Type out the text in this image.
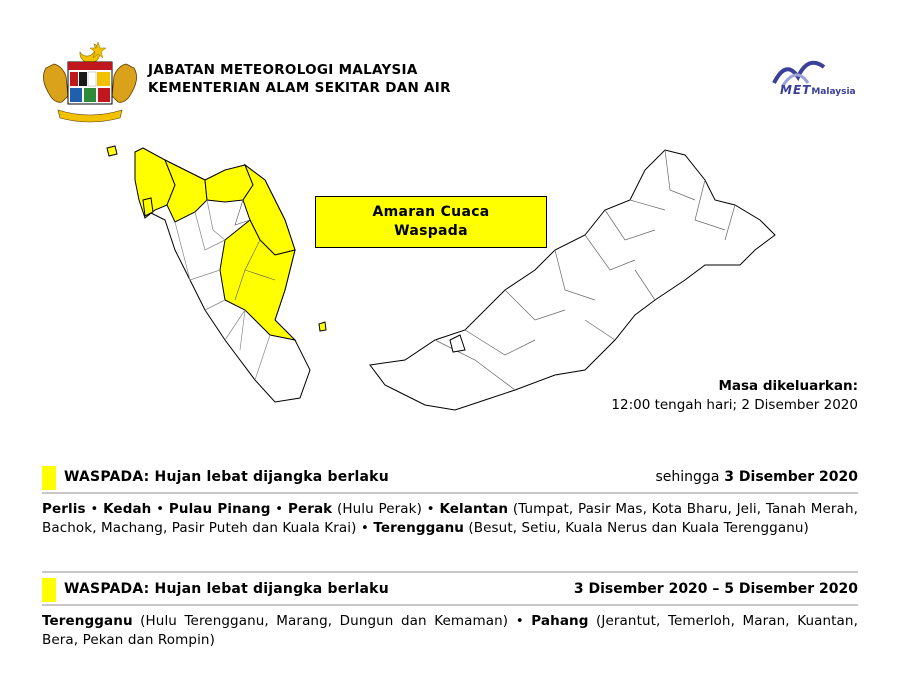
JABATAN METEOROLOGI MALAYSIA
KEMENTERIAN ALAM SEKITAR DAN AIR	METMalaysia
Amaran Cuaca
Waspada
Masa dikeluarkan:
12:00 tengah hari; 2 Disember 2020
WASPADA: Hujan lebat dijangka berlaku	sehingga 3 Disember 2020
Perlis • Kedah • Pulau Pinang • Perak (Hulu Perak) • Kelantan (Tumpat, Pasir Mas, Kota Bharu, Jeli, Tanah Merah, Bachok, Machang, Pasir Puteh dan Kuala Krai) • Terengganu (Besut, Setiu, Kuala Nerus dan Kuala Terengganu)
WASPADA: Hujan lebat dijangka berlaku	3 Disember 2020 – 5 Disember 2020
Terengganu (Hulu Terengganu, Marang, Dungun dan Kemaman) • Pahang (Jerantut, Temerloh, Maran, Kuantan, Bera, Pekan dan Rompin)
